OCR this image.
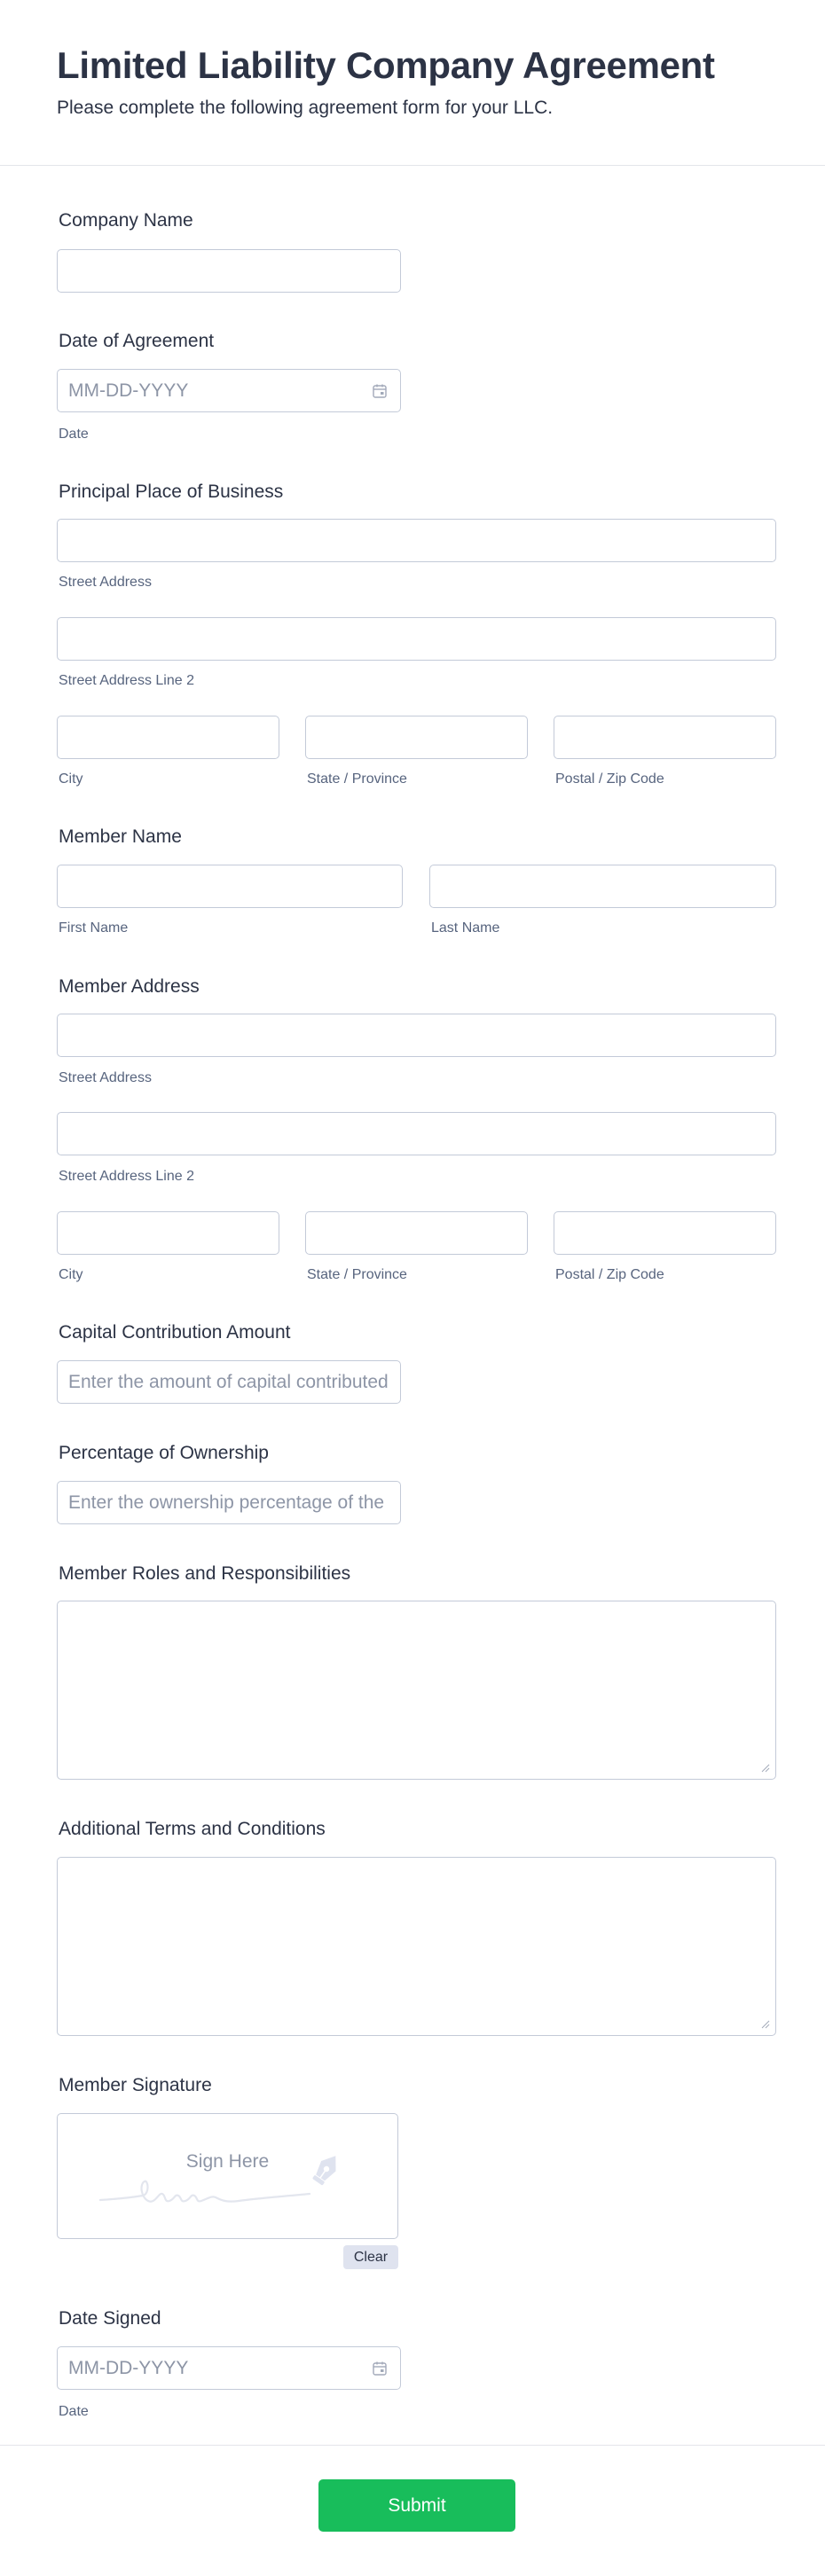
Limited Liability Company Agreement

Please complete the following agreement form for your LLC.

Company Name

Date of Agreement

MM-DD-YYYY
Date

Principal Place of Business

Street Address
Street Address Line 2
City	State / Province	Postal / Zip Code

Member Name

First Name	Last Name

Member Address

Street Address
Street Address Line 2
City	State / Province	Postal / Zip Code

Capital Contribution Amount

Enter the amount of capital contributed

Percentage of Ownership

Enter the ownership percentage of the member

Member Roles and Responsibilities

Additional Terms and Conditions

Member Signature

Sign Here
Clear

Date Signed

MM-DD-YYYY
Date
Submit
